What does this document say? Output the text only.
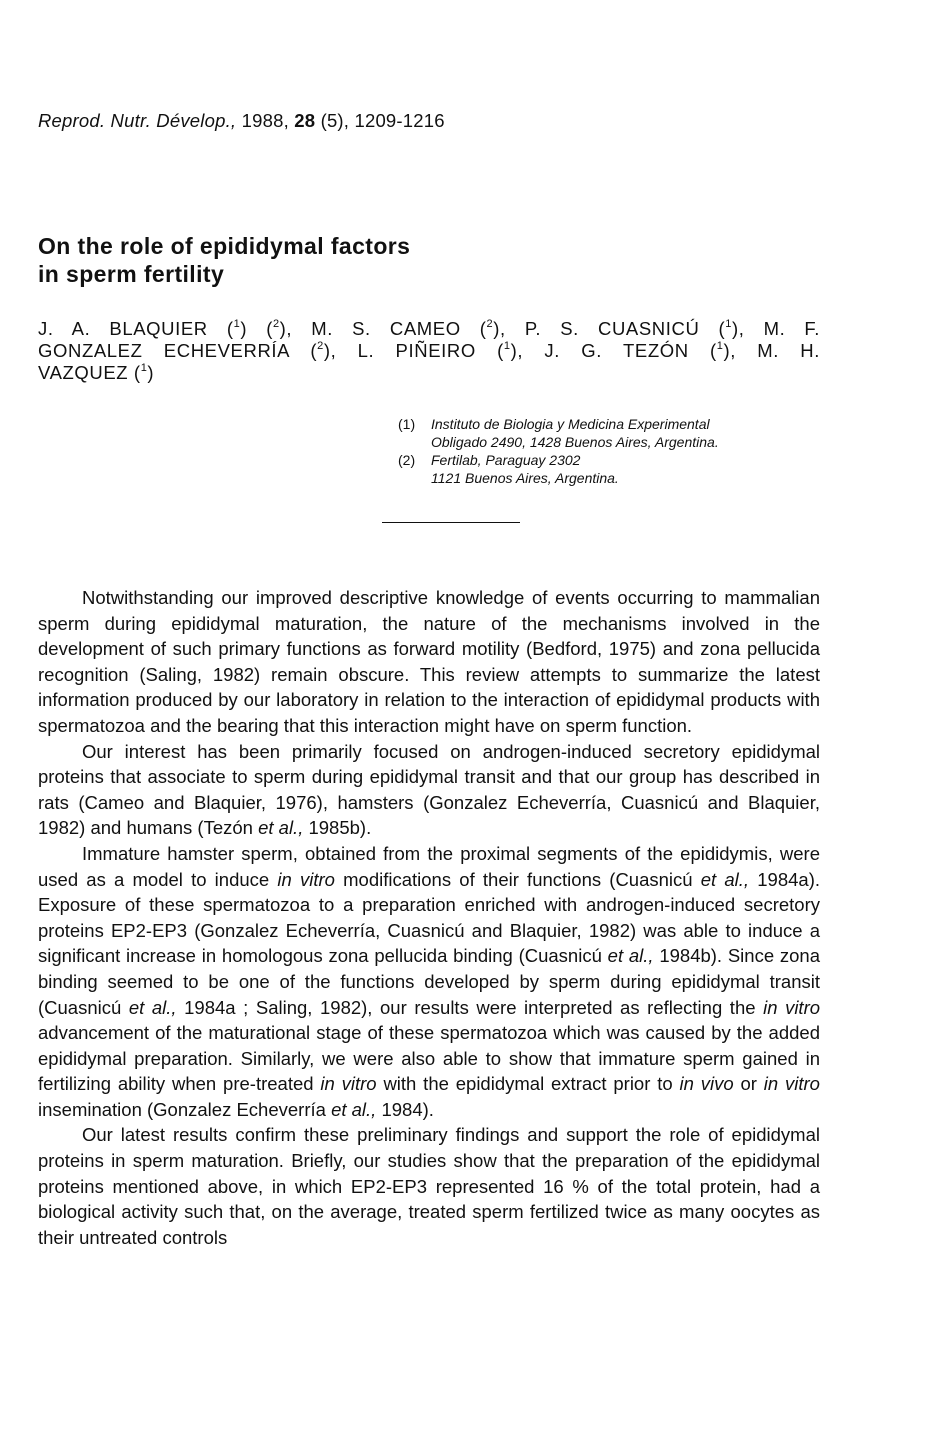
Reprod. Nutr. Dévelop., 1988, 28 (5), 1209-1216
On the role of epididymal factors
in sperm fertility
J. A. BLAQUIER ($^1$) ($^2$), M. S. CAMEO ($^2$), P. S. CUASNICÚ ($^1$), M. F.
GONZALEZ ECHEVERRÍA ($^2$), L. PIÑEIRO ($^1$), J. G. TEZÓN ($^1$), M. H.
VAZQUEZ ($^1$)
(1) Instituto de Biologia y Medicina Experimental
Obligado 2490, 1428 Buenos Aires, Argentina.
(2) Fertilab, Paraguay 2302
1121 Buenos Aires, Argentina.

Notwithstanding our improved descriptive knowledge of events occurring to mammalian sperm during epididymal maturation, the nature of the mechanisms involved in the development of such primary functions as forward motility (Bedford, 1975) and zona pellucida recognition (Saling, 1982) remain obscure. This review attempts to summarize the latest information produced by our laboratory in relation to the interaction of epididymal products with spermatozoa and the bearing that this interaction might have on sperm function.

Our interest has been primarily focused on androgen-induced secretory epididymal proteins that associate to sperm during epididymal transit and that our group has described in rats (Cameo and Blaquier, 1976), hamsters (Gonzalez Echeverría, Cuasnicú and Blaquier, 1982) and humans (Tezón et al., 1985b).

Immature hamster sperm, obtained from the proximal segments of the epididymis, were used as a model to induce in vitro modifications of their functions (Cuasnicú et al., 1984a). Exposure of these spermatozoa to a preparation enriched with androgen-induced secretory proteins EP2-EP3 (Gonzalez Echeverría, Cuasnicú and Blaquier, 1982) was able to induce a significant increase in homologous zona pellucida binding (Cuasnicú et al., 1984b). Since zona binding seemed to be one of the functions developed by sperm during epididymal transit (Cuasnicú et al., 1984a ; Saling, 1982), our results were interpreted as reflecting the in vitro advancement of the maturational stage of these spermatozoa which was caused by the added epididymal preparation. Similarly, we were also able to show that immature sperm gained in fertilizing ability when pre-treated in vitro with the epididymal extract prior to in vivo or in vitro insemination (Gonzalez Echeverría et al., 1984).

Our latest results confirm these preliminary findings and support the role of epididymal proteins in sperm maturation. Briefly, our studies show that the preparation of the epididymal proteins mentioned above, in which EP2-EP3 represented 16 % of the total protein, had a biological activity such that, on the average, treated sperm fertilized twice as many oocytes as their untreated controls
